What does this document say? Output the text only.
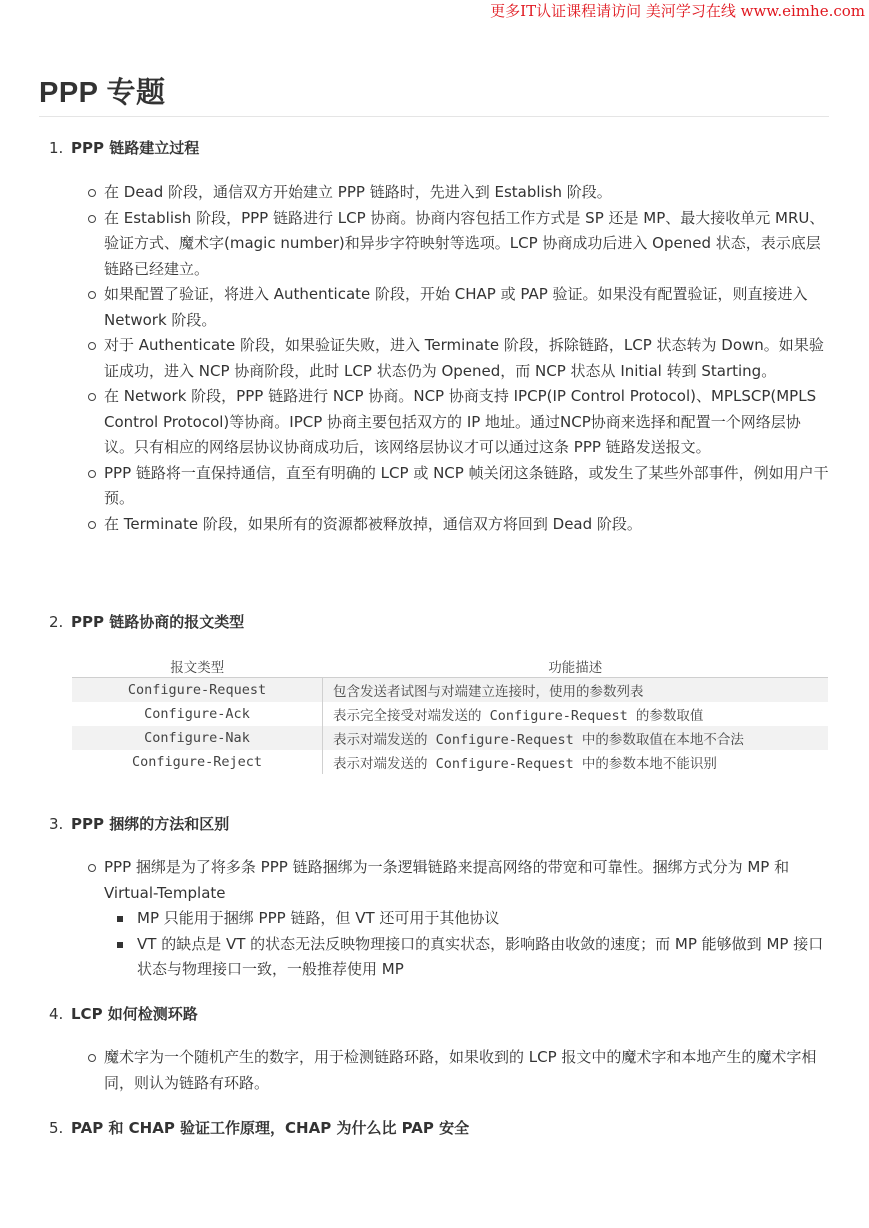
更多IT认证课程请访问 美河学习在线 www.eimhe.com
PPP 专题
1. PPP 链路建立过程
在 Dead 阶段，通信双方开始建立 PPP 链路时，先进入到 Establish 阶段。
在 Establish 阶段，PPP 链路进行 LCP 协商。协商内容包括工作方式是 SP 还是 MP、最大接收单元 MRU、验证方式、魔术字(magic number)和异步字符映射等选项。LCP 协商成功后进入 Opened 状态，表示底层链路已经建立。
如果配置了验证，将进入 Authenticate 阶段，开始 CHAP 或 PAP 验证。如果没有配置验证，则直接进入 Network 阶段。
对于 Authenticate 阶段，如果验证失败，进入 Terminate 阶段，拆除链路，LCP 状态转为 Down。如果验证成功，进入 NCP 协商阶段，此时 LCP 状态仍为 Opened，而 NCP 状态从 Initial 转到 Starting。
在 Network 阶段，PPP 链路进行 NCP 协商。NCP 协商支持 IPCP(IP Control Protocol)、MPLSCP(MPLS Control Protocol)等协商。IPCP 协商主要包括双方的 IP 地址。通过NCP协商来选择和配置一个网络层协议。只有相应的网络层协议协商成功后，该网络层协议才可以通过这条 PPP 链路发送报文。
PPP 链路将一直保持通信，直至有明确的 LCP 或 NCP 帧关闭这条链路，或发生了某些外部事件，例如用户干预。
在 Terminate 阶段，如果所有的资源都被释放掉，通信双方将回到 Dead 阶段。
2. PPP 链路协商的报文类型
报文类型	功能描述
Configure-Request	包含发送者试图与对端建立连接时，使用的参数列表
Configure-Ack	表示完全接受对端发送的 Configure-Request 的参数取值
Configure-Nak	表示对端发送的 Configure-Request 中的参数取值在本地不合法
Configure-Reject	表示对端发送的 Configure-Request 中的参数本地不能识别
3. PPP 捆绑的方法和区别
PPP 捆绑是为了将多条 PPP 链路捆绑为一条逻辑链路来提高网络的带宽和可靠性。捆绑方式分为 MP 和 Virtual-Template
MP 只能用于捆绑 PPP 链路，但 VT 还可用于其他协议
VT 的缺点是 VT 的状态无法反映物理接口的真实状态，影响路由收敛的速度；而 MP 能够做到 MP 接口状态与物理接口一致，一般推荐使用 MP
4. LCP 如何检测环路
魔术字为一个随机产生的数字，用于检测链路环路，如果收到的 LCP 报文中的魔术字和本地产生的魔术字相同，则认为链路有环路。
5. PAP 和 CHAP 验证工作原理，CHAP 为什么比 PAP 安全
